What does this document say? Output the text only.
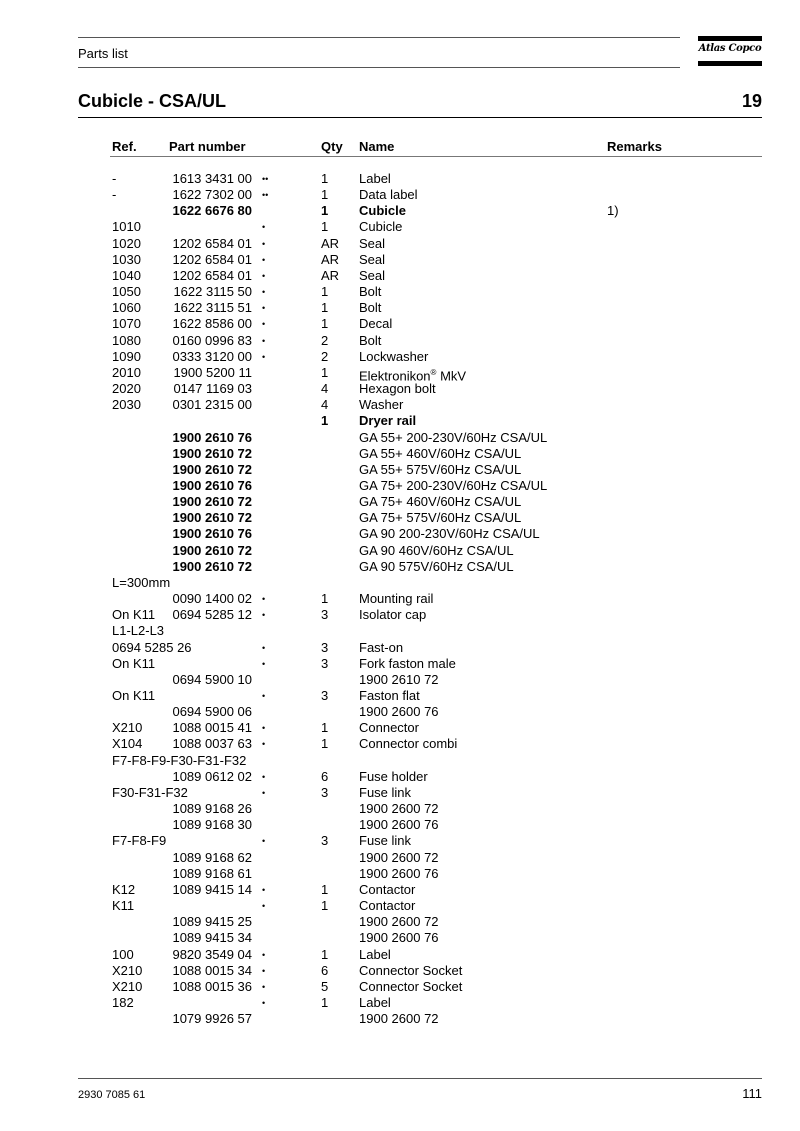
Parts list	Atlas Copco
Cubicle - CSA/UL	19
Ref. Part number	Qty Name	Remarks
-	1613 3431 00 ••	1 Label
-	1622 7302 00 ••	1 Data label
1622 6676 80	1 Cubicle	1)
1010	•	1 Cubicle
1020	1202 6584 01 •	AR Seal
1030	1202 6584 01 •	AR Seal
1040	1202 6584 01 •	AR Seal
1050	1622 3115 50 •	1 Bolt
1060	1622 3115 51 •	1 Bolt
1070	1622 8586 00 •	1 Decal
1080	0160 0996 83 •	2 Bolt
1090	0333 3120 00 •	2 Lockwasher
2010	1900 5200 11	1 Elektronikon® MkV
2020	0147 1169 03	4 Hexagon bolt
2030	0301 2315 00	4 Washer
1 Dryer rail
1900 2610 76	GA 55+ 200-230V/60Hz CSA/UL
1900 2610 72	GA 55+ 460V/60Hz CSA/UL
1900 2610 72	GA 55+ 575V/60Hz CSA/UL
1900 2610 76	GA 75+ 200-230V/60Hz CSA/UL
1900 2610 72	GA 75+ 460V/60Hz CSA/UL
1900 2610 72	GA 75+ 575V/60Hz CSA/UL
1900 2610 76	GA 90 200-230V/60Hz CSA/UL
1900 2610 72	GA 90 460V/60Hz CSA/UL
1900 2610 72	GA 90 575V/60Hz CSA/UL
L=300mm
0090 1400 02 •	1 Mounting rail
On K11	0694 5285 12 •	3 Isolator cap
L1-L2-L3
0694 5285 26	•	3 Fast-on
On K11	•	3 Fork faston male
0694 5900 10	1900 2610 72
On K11	•	3 Faston flat
0694 5900 06	1900 2600 76
X210	1088 0015 41 •	1 Connector
X104	1088 0037 63 •	1 Connector combi
F7-F8-F9-F30-F31-F32
1089 0612 02 •	6 Fuse holder
F30-F31-F32	•	3 Fuse link
1089 9168 26	1900 2600 72
1089 9168 30	1900 2600 76
F7-F8-F9	•	3 Fuse link
1089 9168 62	1900 2600 72
1089 9168 61	1900 2600 76
K12	1089 9415 14 •	1 Contactor
K11	•	1 Contactor
1089 9415 25	1900 2600 72
1089 9415 34	1900 2600 76
100	9820 3549 04 •	1 Label
X210	1088 0015 34 •	6 Connector Socket
X210	1088 0015 36 •	5 Connector Socket
182	•	1 Label
1079 9926 57	1900 2600 72
2930 7085 61	111
